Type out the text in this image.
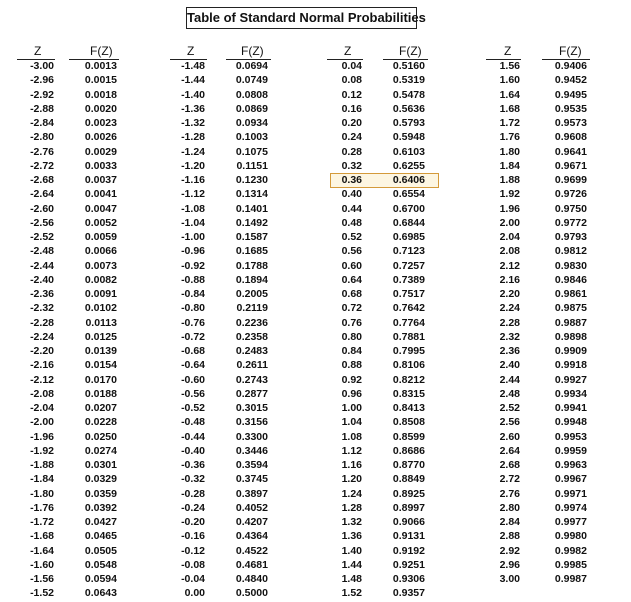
Table of Standard Normal Probabilities
Z	F(Z)
-3.00	0.0013
-2.96	0.0015
-2.92	0.0018
-2.88	0.0020
-2.84	0.0023
-2.80	0.0026
-2.76	0.0029
-2.72	0.0033
-2.68	0.0037
-2.64	0.0041
-2.60	0.0047
-2.56	0.0052
-2.52	0.0059
-2.48	0.0066
-2.44	0.0073
-2.40	0.0082
-2.36	0.0091
-2.32	0.0102
-2.28	0.0113
-2.24	0.0125
-2.20	0.0139
-2.16	0.0154
-2.12	0.0170
-2.08	0.0188
-2.04	0.0207
-2.00	0.0228
-1.96	0.0250
-1.92	0.0274
-1.88	0.0301
-1.84	0.0329
-1.80	0.0359
-1.76	0.0392
-1.72	0.0427
-1.68	0.0465
-1.64	0.0505
-1.60	0.0548
-1.56	0.0594
-1.52	0.0643
Z	F(Z)
-1.48	0.0694
-1.44	0.0749
-1.40	0.0808
-1.36	0.0869
-1.32	0.0934
-1.28	0.1003
-1.24	0.1075
-1.20	0.1151
-1.16	0.1230
-1.12	0.1314
-1.08	0.1401
-1.04	0.1492
-1.00	0.1587
-0.96	0.1685
-0.92	0.1788
-0.88	0.1894
-0.84	0.2005
-0.80	0.2119
-0.76	0.2236
-0.72	0.2358
-0.68	0.2483
-0.64	0.2611
-0.60	0.2743
-0.56	0.2877
-0.52	0.3015
-0.48	0.3156
-0.44	0.3300
-0.40	0.3446
-0.36	0.3594
-0.32	0.3745
-0.28	0.3897
-0.24	0.4052
-0.20	0.4207
-0.16	0.4364
-0.12	0.4522
-0.08	0.4681
-0.04	0.4840
0.00	0.5000
Z	F(Z)
0.04	0.5160
0.08	0.5319
0.12	0.5478
0.16	0.5636
0.20	0.5793
0.24	0.5948
0.28	0.6103
0.32	0.6255
0.36	0.6406
0.40	0.6554
0.44	0.6700
0.48	0.6844
0.52	0.6985
0.56	0.7123
0.60	0.7257
0.64	0.7389
0.68	0.7517
0.72	0.7642
0.76	0.7764
0.80	0.7881
0.84	0.7995
0.88	0.8106
0.92	0.8212
0.96	0.8315
1.00	0.8413
1.04	0.8508
1.08	0.8599
1.12	0.8686
1.16	0.8770
1.20	0.8849
1.24	0.8925
1.28	0.8997
1.32	0.9066
1.36	0.9131
1.40	0.9192
1.44	0.9251
1.48	0.9306
1.52	0.9357
Z	F(Z)
1.56	0.9406
1.60	0.9452
1.64	0.9495
1.68	0.9535
1.72	0.9573
1.76	0.9608
1.80	0.9641
1.84	0.9671
1.88	0.9699
1.92	0.9726
1.96	0.9750
2.00	0.9772
2.04	0.9793
2.08	0.9812
2.12	0.9830
2.16	0.9846
2.20	0.9861
2.24	0.9875
2.28	0.9887
2.32	0.9898
2.36	0.9909
2.40	0.9918
2.44	0.9927
2.48	0.9934
2.52	0.9941
2.56	0.9948
2.60	0.9953
2.64	0.9959
2.68	0.9963
2.72	0.9967
2.76	0.9971
2.80	0.9974
2.84	0.9977
2.88	0.9980
2.92	0.9982
2.96	0.9985
3.00	0.9987
